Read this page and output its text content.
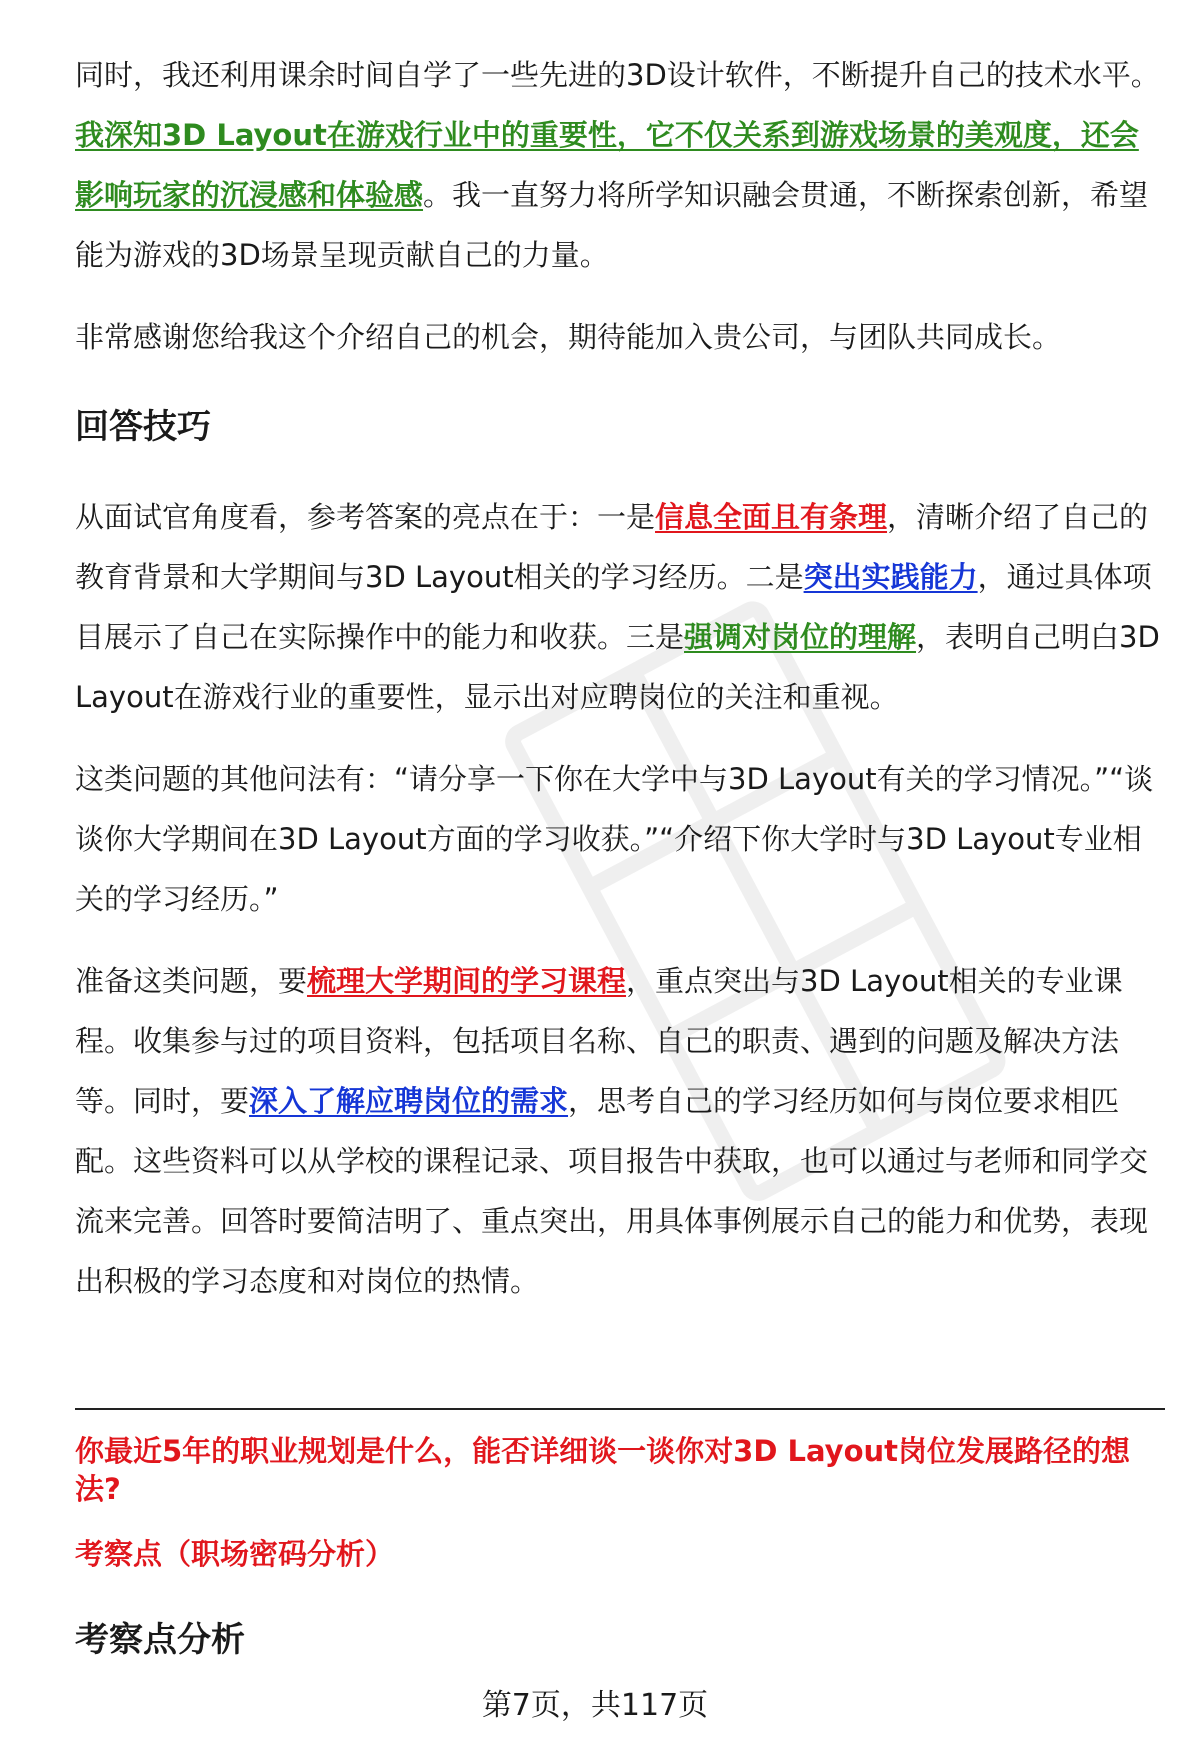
同时，我还利用课余时间自学了一些先进的3D设计软件，不断提升自己的技术水平。我深知3D Layout在游戏行业中的重要性，它不仅关系到游戏场景的美观度，还会影响玩家的沉浸感和体验感。我一直努力将所学知识融会贯通，不断探索创新，希望能为游戏的3D场景呈现贡献自己的力量。

非常感谢您给我这个介绍自己的机会，期待能加入贵公司，与团队共同成长。

回答技巧

从面试官角度看，参考答案的亮点在于：一是信息全面且有条理，清晰介绍了自己的教育背景和大学期间与3D Layout相关的学习经历。二是突出实践能力，通过具体项目展示了自己在实际操作中的能力和收获。三是强调对岗位的理解，表明自己明白3D Layout在游戏行业的重要性，显示出对应聘岗位的关注和重视。

这类问题的其他问法有：“请分享一下你在大学中与3D Layout有关的学习情况。”“谈谈你大学期间在3D Layout方面的学习收获。”“介绍下你大学时与3D Layout专业相关的学习经历。”

准备这类问题，要梳理大学期间的学习课程，重点突出与3D Layout相关的专业课程。收集参与过的项目资料，包括项目名称、自己的职责、遇到的问题及解决方法等。同时，要深入了解应聘岗位的需求，思考自己的学习经历如何与岗位要求相匹配。这些资料可以从学校的课程记录、项目报告中获取，也可以通过与老师和同学交流来完善。回答时要简洁明了、重点突出，用具体事例展示自己的能力和优势，表现出积极的学习态度和对岗位的热情。

你最近5年的职业规划是什么，能否详细谈一谈你对3D Layout岗位发展路径的想法?

考察点（职场密码分析）

考察点分析
第7页，共117页
